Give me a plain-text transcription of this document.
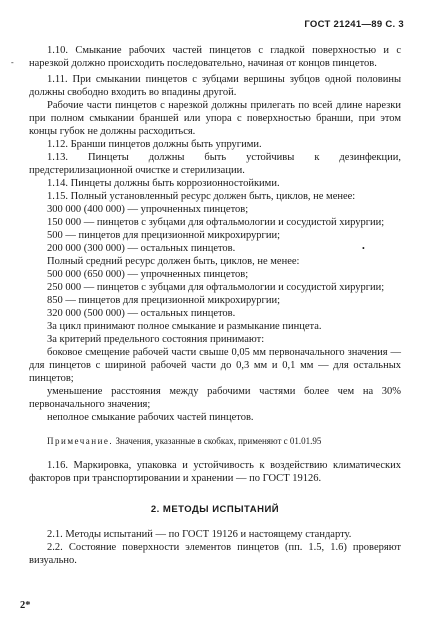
ГОСТ 21241—89 С. 3
-
•

1.10. Смыкание рабочих частей пинцетов с гладкой поверхностью и с нарезкой должно происходить последовательно, начиная от концов пинцетов.

1.11. При смыкании пинцетов с зубцами вершины зубцов одной половины должны свободно входить во впадины другой.

Рабочие части пинцетов с нарезкой должны прилегать по всей длине нарезки при полном смыкании браншей или упора с поверхностью бранши, при этом концы губок не должны расходиться.

1.12. Бранши пинцетов должны быть упругими.

1.13. Пинцеты должны быть устойчивы к дезинфекции, предстерилизационной очистке и стерилизации.

1.14. Пинцеты должны быть коррозионностойкими.

1.15. Полный установленный ресурс должен быть, циклов, не менее:

300 000 (400 000) — упрочненных пинцетов;

150 000 — пинцетов с зубцами для офтальмологии и сосудистой хирургии;

500 — пинцетов для прецизионной микрохирургии;

200 000 (300 000) — остальных пинцетов.

Полный средний ресурс должен быть, циклов, не менее:

500 000 (650 000) — упрочненных пинцетов;

250 000 — пинцетов с зубцами для офтальмологии и сосудистой хирургии;

850 — пинцетов для прецизионной микрохирургии;

320 000 (500 000) — остальных пинцетов.

За цикл принимают полное смыкание и размыкание пинцета.

За критерий предельного состояния принимают:

боковое смещение рабочей части свыше 0,05 мм первоначального значения — для пинцетов с шириной рабочей части до 0,3 мм и 0,1 мм — для остальных пинцетов;

уменьшение расстояния между рабочими частями более чем на 30% первоначального значения;

неполное смыкание рабочих частей пинцетов.

Примечание. Значения, указанные в скобках, применяют с 01.01.95

1.16. Маркировка, упаковка и устойчивость к воздействию климатических факторов при транспортировании и хранении — по ГОСТ 19126.

2. МЕТОДЫ ИСПЫТАНИЙ

2.1. Методы испытаний — по ГОСТ 19126 и настоящему стандарту.

2.2. Состояние поверхности элементов пинцетов (пп. 1.5, 1.6) проверяют визуально.

2*
